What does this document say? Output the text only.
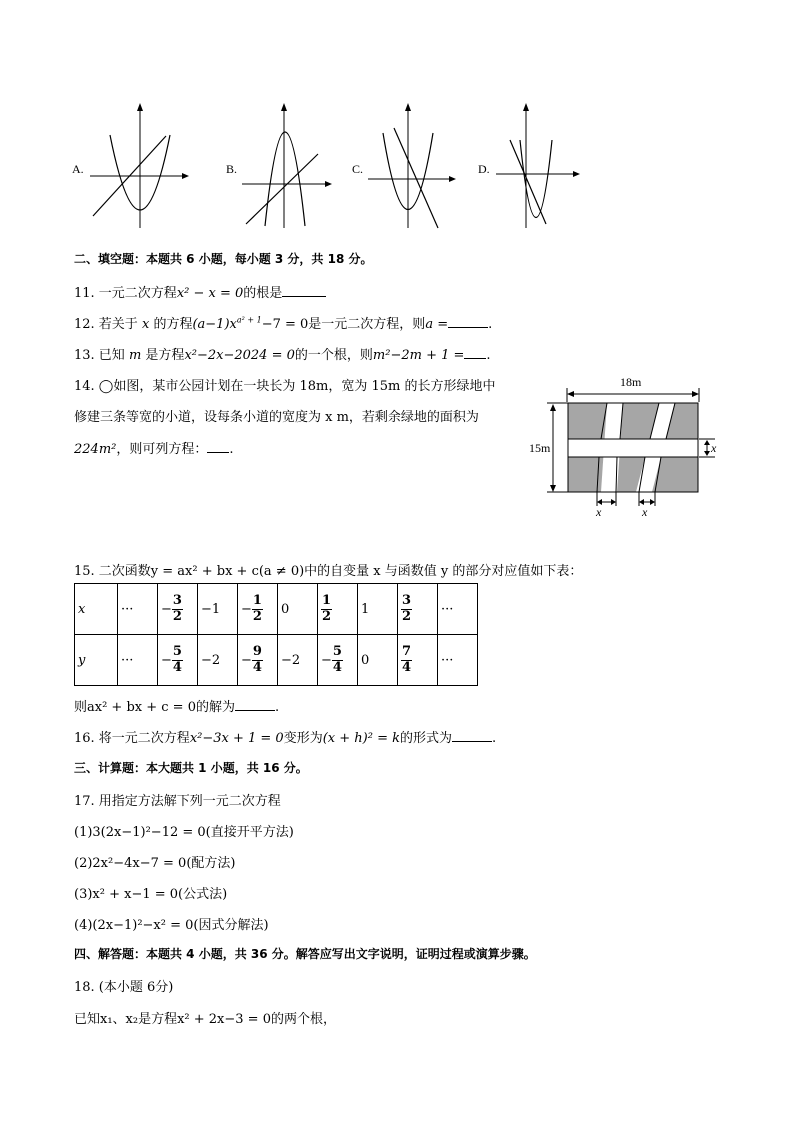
A.	B.	C.	D.
二、填空题：本题共 6 小题，每小题 3 分，共 18 分。
11. 一元二次方程x² − x = 0的根是
12. 若关于 x 的方程$(a-1)x^{a^2 + 1}-7 = 0$是一元二次方程，则a =	.
13. 已知 m 是方程x²−2x−2024 = 0的一个根，则m²−2m + 1 = .
14. ◯如图，某市公园计划在一块长为 18m，宽为 15m 的长方形绿地中
修建三条等宽的小道，设每条小道的宽度为 x m，若剩余绿地的面积为
224m²，则可列方程： .
18m
15m	x
x	x
15. 二次函数y = ax² + bx + c(a ≠ 0)中的自变量 x 与函数值 y 的部分对应值如下表：
x	···	− $\frac{3}{2}$	−1	− $\frac{1}{2}$	0	$\frac{1}{2}$	1	$\frac{3}{2}$	···
y	···	− $\frac{5}{4}$	−2	− $\frac{9}{4}$	−2	− $\frac{5}{4}$	0	$\frac{7}{4}$	···
则ax² + bx + c = 0的解为	.
16. 将一元二次方程x²−3x + 1 = 0变形为(x + h)² = k的形式为	.
三、计算题：本大题共 1 小题，共 16 分。
17. 用指定方法解下列一元二次方程
(1)3(2x−1)²−12 = 0(直接开平方法)
(2)2x²−4x−7 = 0(配方法)
(3)x² + x−1 = 0(公式法)
(4)(2x−1)²−x² = 0(因式分解法)
四、解答题：本题共 4 小题，共 36 分。解答应写出文字说明，证明过程或演算步骤。
18. (本小题 6分)
已知x₁、x₂是方程x² + 2x−3 = 0的两个根，
